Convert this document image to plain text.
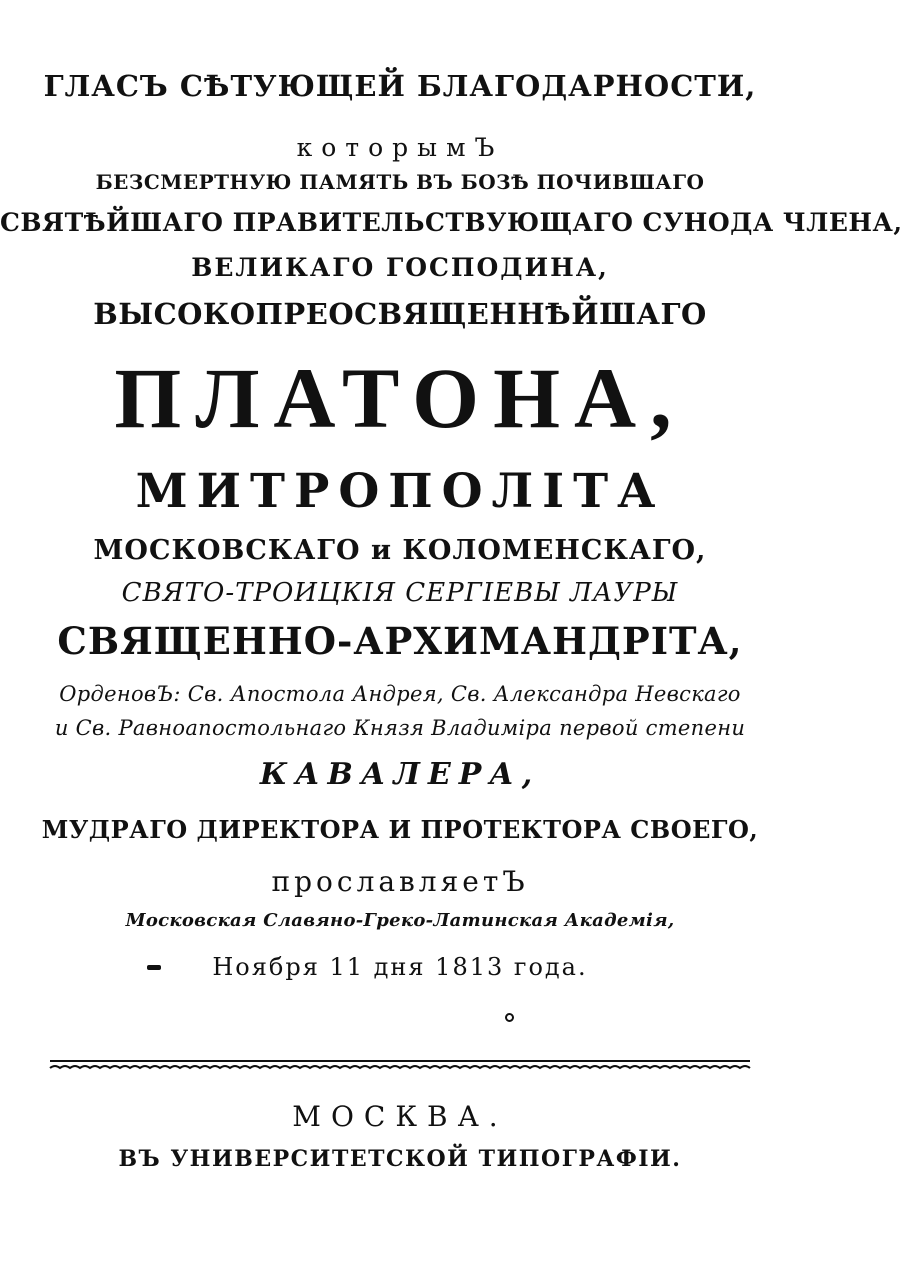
ГЛАСЪ СѢТУЮЩЕЙ БЛАГОДАРНОСТИ,
которымЪ
БЕЗСМЕРТНУЮ ПАМЯТЬ ВЪ БОЗѢ ПОЧИВШАГО
СВЯТѢЙШАГО ПРАВИТЕЛЬСТВУЮЩАГО СУНОДА ЧЛЕНА,
ВЕЛИКАГО ГОСПОДИНА,
ВЫСОКОПРЕОСВЯЩЕННѢЙШАГО
ПЛАТОНА,
МИТРОПОЛІТА
МОСКОВСКАГО и КОЛОМЕНСКАГО,
СВЯТО-ТРОИЦКІЯ СЕРГІЕВЫ ЛАУРЫ
СВЯЩЕННО-АРХИМАНДРІТА,
ОрденовЪ: Св. Апостола Андрея, Св. Александра Невскаго
и Св. Равноапостольнаго Князя Владиміра первой степени
КАВАЛЕРА,
МУДРАГО ДИРЕКТОРА И ПРОТЕКТОРА СВОЕГО,
прославляетЪ
Московская Славяно-Греко-Латинская Академія,
Ноября 11 дня 1813 года.
МОСКВА.
ВЪ УНИВЕРСИТЕТСКОЙ ТИПОГРАФІИ.
